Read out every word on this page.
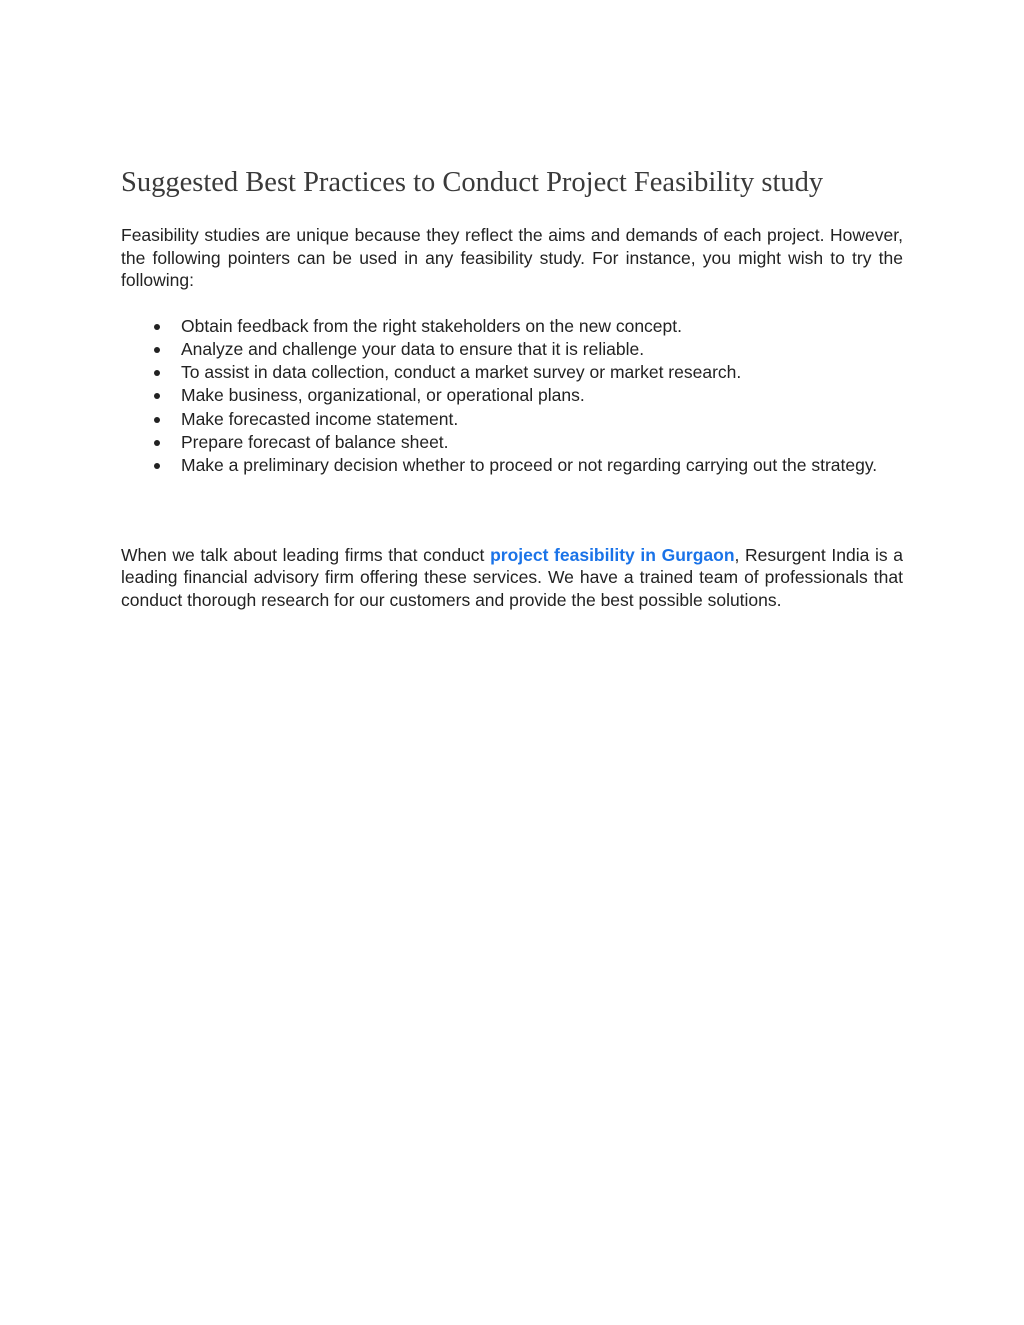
Suggested Best Practices to Conduct Project Feasibility study

Feasibility studies are unique because they reflect the aims and demands of each project. However, the following pointers can be used in any feasibility study. For instance, you might wish to try the following:

Obtain feedback from the right stakeholders on the new concept.
Analyze and challenge your data to ensure that it is reliable.
To assist in data collection, conduct a market survey or market research.
Make business, organizational, or operational plans.
Make forecasted income statement.
Prepare forecast of balance sheet.
Make a preliminary decision whether to proceed or not regarding carrying out the strategy.

When we talk about leading firms that conduct project feasibility in Gurgaon, Resurgent India is a leading financial advisory firm offering these services. We have a trained team of professionals that conduct thorough research for our customers and provide the best possible solutions.
